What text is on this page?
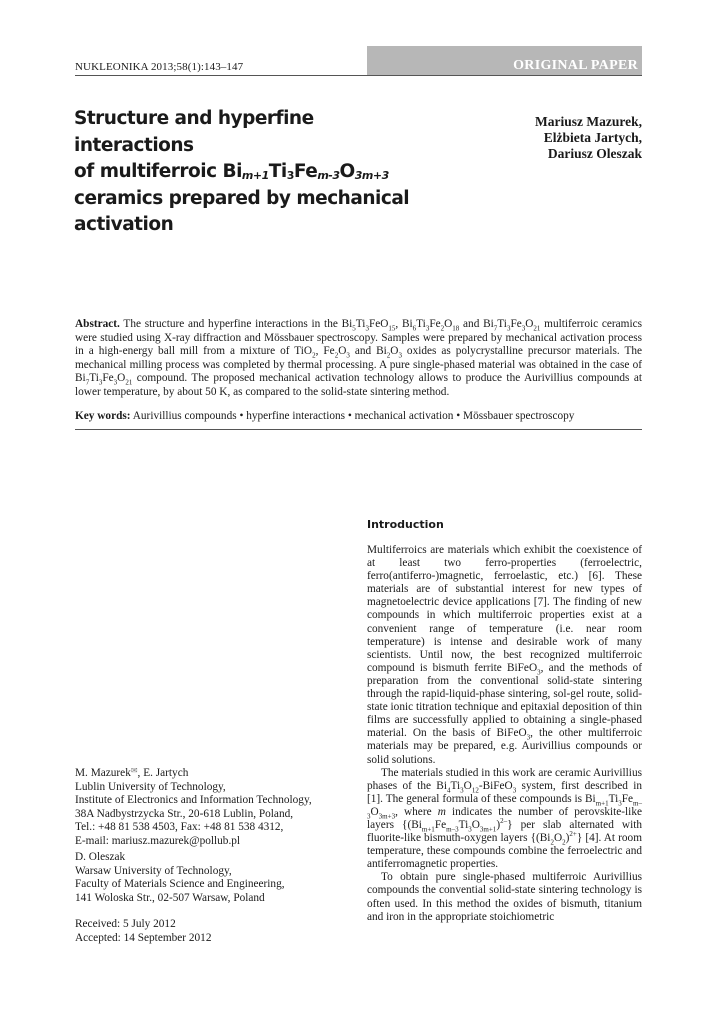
NUKLEONIKA 2013;58(1):143–147	ORIGINAL PAPER
Structure and hyperfine interactions
of multiferroic $Bi_{m+1}Ti_3Fe_{m-3}O_{3m+3}$
ceramics prepared by mechanical
activation
Mariusz Mazurek,
Elżbieta Jartych,
Dariusz Oleszak
Abstract. The structure and hyperfine interactions in the $Bi_5Ti_3FeO_{15}$, $Bi_6Ti_3Fe_2O_{18}$ and $Bi_7Ti_3Fe_3O_{21}$ multiferroic ceramics were studied using X-ray diffraction and Mössbauer spectroscopy. Samples were prepared by mechanical activation process in a high-energy ball mill from a mixture of TiO$_2$, $Fe_2O_3$ and $Bi_2O_3$ oxides as polycrystalline precursor materials. The mechanical milling process was completed by thermal processing. A pure single-phased material was obtained in the case of $Bi_7Ti_3Fe_3O_{21}$ compound. The proposed mechanical activation technology allows to produce the Aurivillius compounds at lower temperature, by about 50 K, as compared to the solid-state sintering method.
Key words: Aurivillius compounds • hyperfine interactions • mechanical activation • Mössbauer spectroscopy
Introduction

Multiferroics are materials which exhibit the coexistence of at least two ferro-properties (ferroelectric, ferro(antiferro-)magnetic, ferroelastic, etc.) [6]. These materials are of substantial interest for new types of magnetoelectric device applications [7]. The finding of new compounds in which multiferroic properties exist at a convenient range of temperature (i.e. near room temperature) is intense and desirable work of many scientists. Until now, the best recognized multiferroic compound is bismuth ferrite BiFeO$_3$, and the methods of preparation from the conventional solid-state sintering through the rapid-liquid-phase sintering, sol-gel route, solid-state ionic titration technique and epitaxial deposition of thin films are successfully applied to obtaining a single-phased material. On the basis of BiFeO$_3$, the other multiferroic materials may be prepared, e.g. Aurivillius compounds or solid solutions.

The materials studied in this work are ceramic Aurivillius phases of the $Bi_4Ti_3O_{12}-BiFeO_3$ system, first described in [1]. The general formula of these compounds is $Bi_{m+1}Ti_3Fe_{m-3}O_{3m+3}$, where m indicates the number of perovskite-like layers $\{(Bi_{m+1}Fe_{m-3}Ti_3O_{3m+1})^{2-}\}$ per slab alternated with fluorite-like bismuth-oxygen layers $\{(Bi_2O_2)^{2+}\}$ [4]. At room temperature, these compounds combine the ferroelectric and antiferromagnetic properties.

To obtain pure single-phased multiferroic Aurivillius compounds the convential solid-state sintering technology is often used. In this method the oxides of bismuth, titanium and iron in the appropriate stoichiometric

M. Mazurek✉, E. Jartych
Lublin University of Technology,
Institute of Electronics and Information Technology,
38A Nadbystrzycka Str., 20-618 Lublin, Poland,
Tel.: +48 81 538 4503, Fax: +48 81 538 4312,
E-mail: mariusz.mazurek@pollub.pl
D. Oleszak
Warsaw University of Technology,
Faculty of Materials Science and Engineering,
141 Woloska Str., 02-507 Warsaw, Poland
Received: 5 July 2012
Accepted: 14 September 2012
